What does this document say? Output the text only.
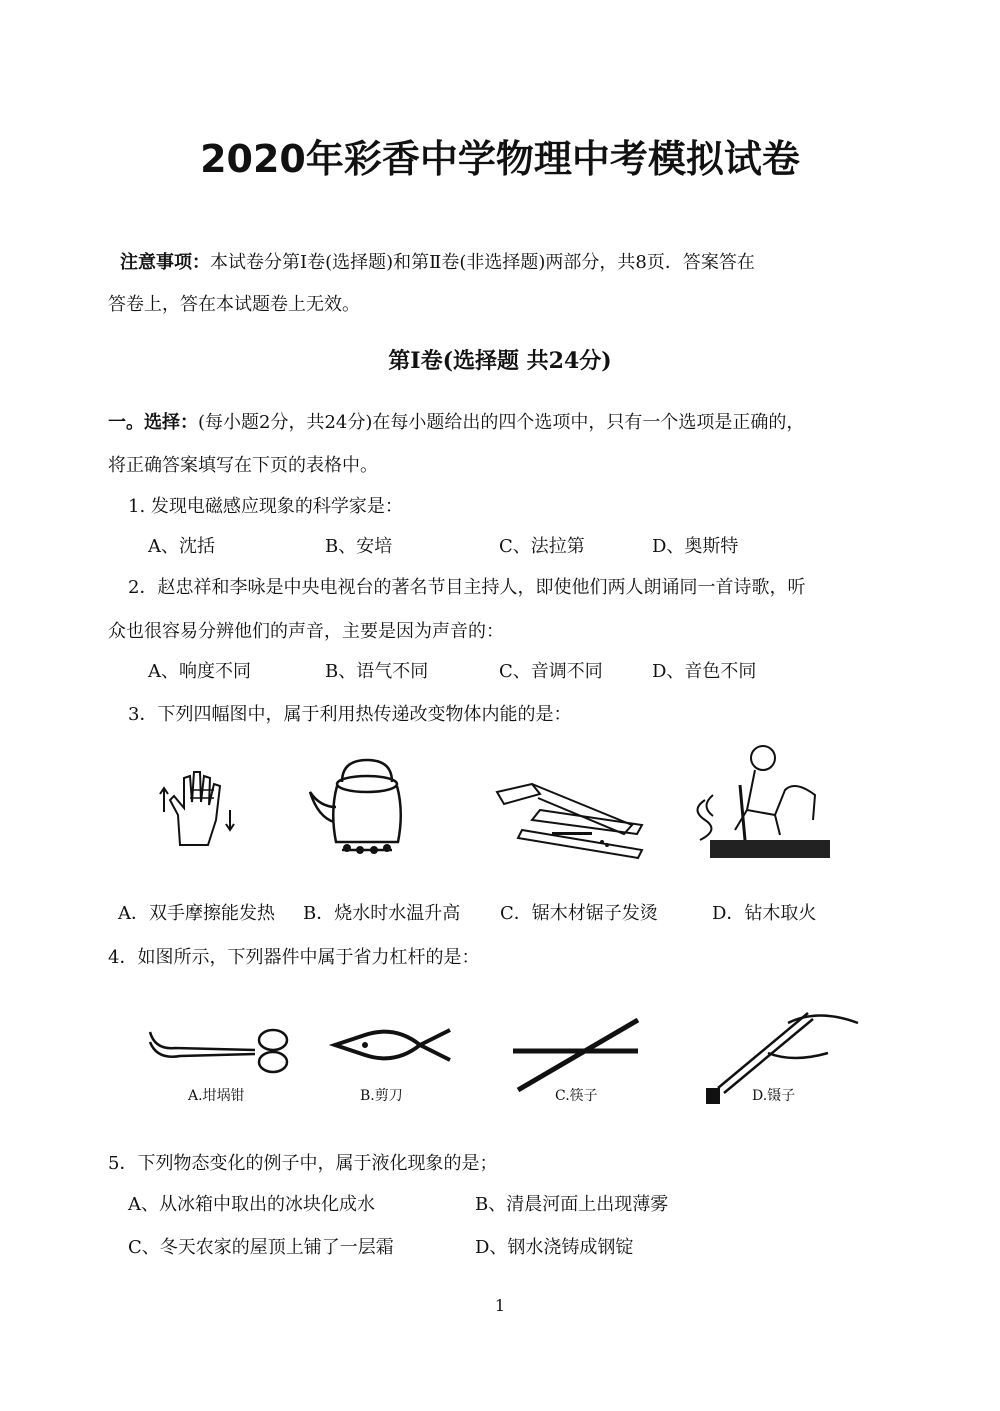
2020年彩香中学物理中考模拟试卷
注意事项：本试卷分第Ⅰ卷(选择题)和第Ⅱ卷(非选择题)两部分，共8页．答案答在
答卷上，答在本试题卷上无效。
第Ⅰ卷(选择题 共24分)
一。选择：(每小题2分，共24分)在每小题给出的四个选项中，只有一个选项是正确的，
将正确答案填写在下页的表格中。
1. 发现电磁感应现象的科学家是：
A、沈括	B、安培	C、法拉第	D、奥斯特
2．赵忠祥和李咏是中央电视台的著名节目主持人，即使他们两人朗诵同一首诗歌，听
众也很容易分辨他们的声音，主要是因为声音的：
A、响度不同	B、语气不同	C、音调不同	D、音色不同
3．下列四幅图中，属于利用热传递改变物体内能的是：
A．双手摩擦能发热 B．烧水时水温升高 C．锯木材锯子发烫	D．钻木取火
4．如图所示，下列器件中属于省力杠杆的是：
A.坩埚钳	B.剪刀	C.筷子	D.镊子
5．下列物态变化的例子中，属于液化现象的是；
A、从冰箱中取出的冰块化成水	B、清晨河面上出现薄雾
C、冬天农家的屋顶上铺了一层霜	D、钢水浇铸成钢锭
1
